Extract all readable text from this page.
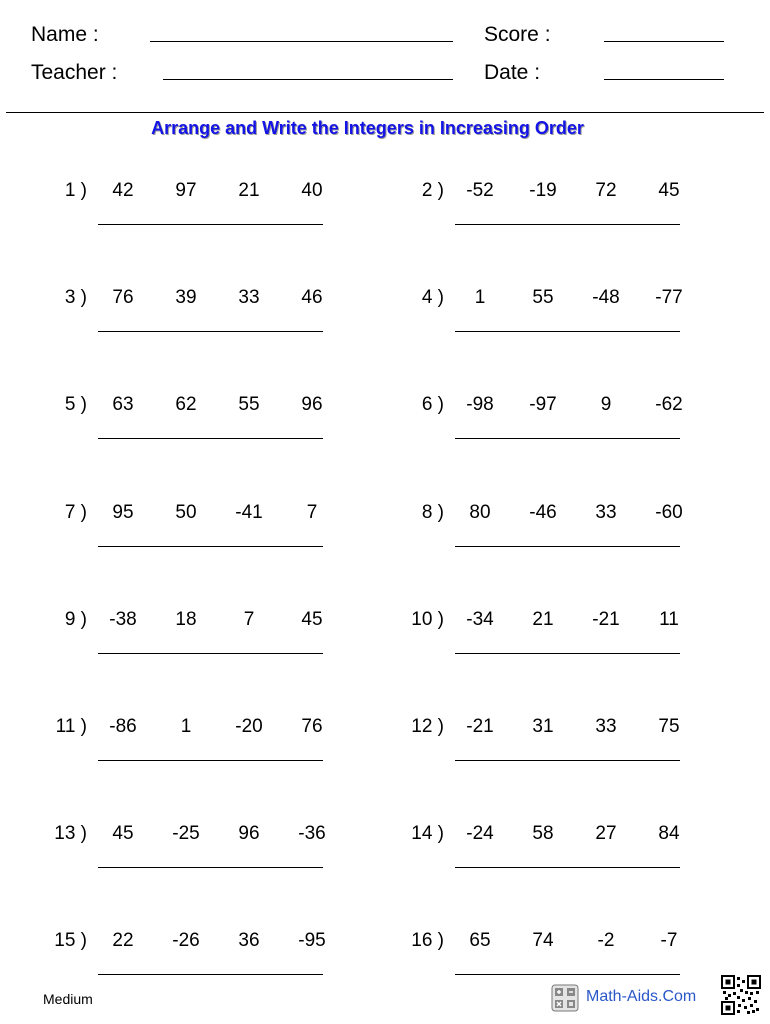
Name :
Teacher :
Score :
Date :
Arrange and Write the Integers in Increasing Order
1 )	42	97	21	40	2 )	-52	-19	72	45
3 )	76	39	33	46	4 )	1	55	-48	-77
5 )	63	62	55	96	6 )	-98	-97	9	-62
7 )	95	50	-41	7	8 )	80	-46	33	-60
9 )	-38	18	7	45	10 )	-34	21	-21	11
11 )	-86	1	-20	76	12 )	-21	31	33	75
13 )	45	-25	96	-36	14 )	-24	58	27	84
15 )	22	-26	36	-95	16 )	65	74	-2	-7
Medium	Math-Aids.Com
